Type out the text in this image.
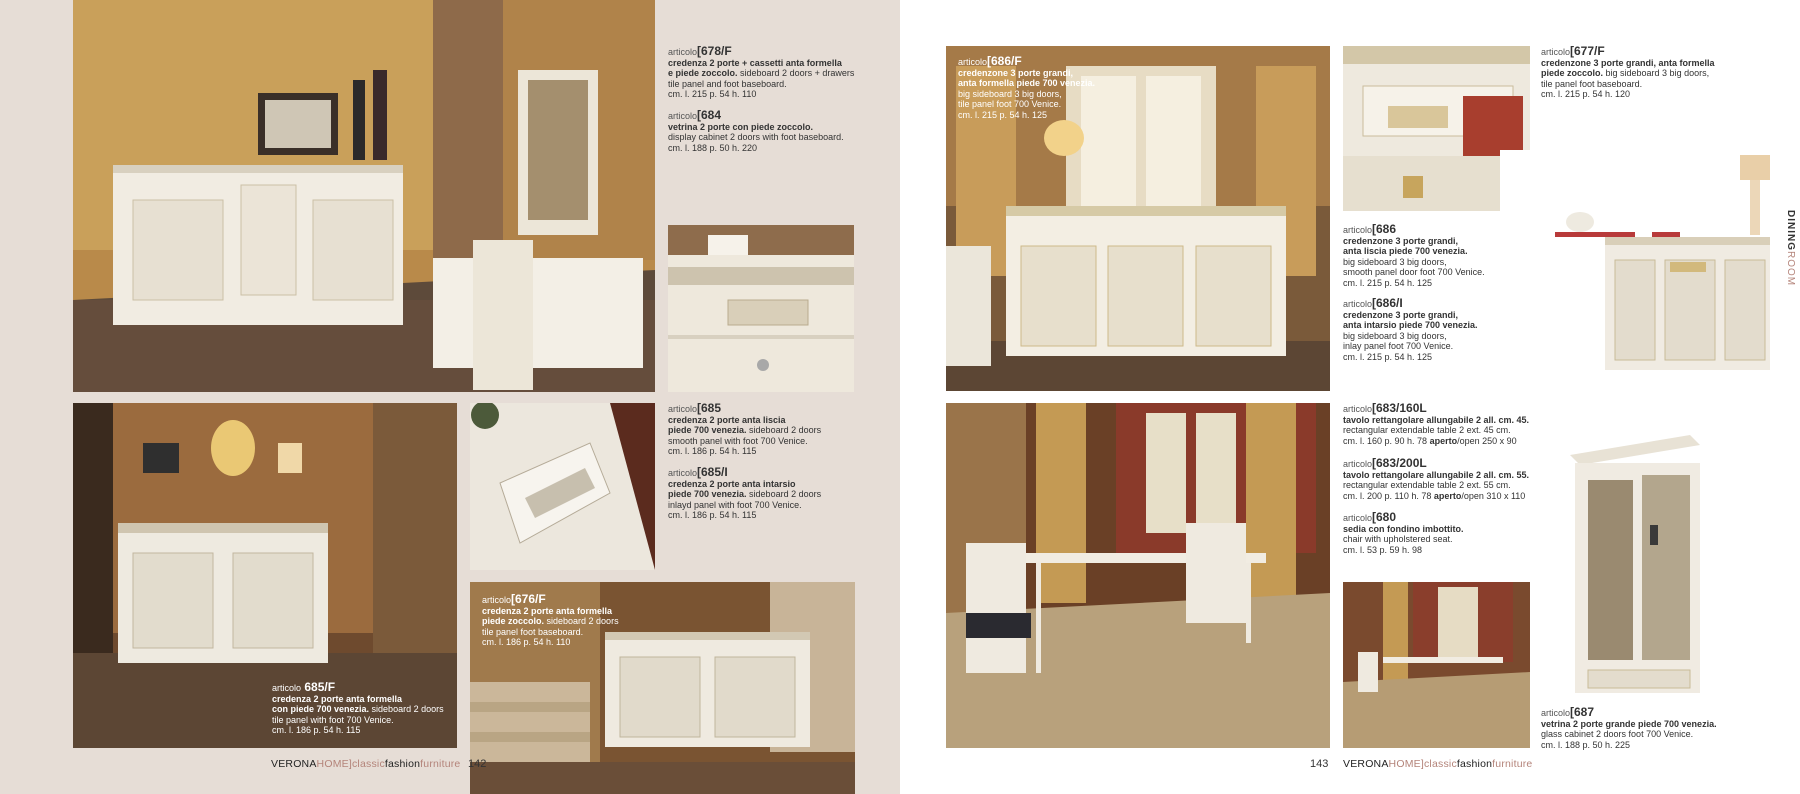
articolo[678/F

credenza 2 porte + cassetti anta formella

e piede zoccolo. sideboard 2 doors + drawers

tile panel and foot baseboard.

cm. l. 215 p. 54 h. 110

articolo[684

vetrina 2 porte con piede zoccolo.

display cabinet 2 doors with foot baseboard.

cm. l. 188 p. 50 h. 220

articolo 685/F

credenza 2 porte anta formella

con piede 700 venezia. sideboard 2 doors

tile panel with foot 700 Venice.

cm. l. 186 p. 54 h. 115

articolo[685

credenza 2 porte anta liscia

piede 700 venezia. sideboard 2 doors

smooth panel with foot 700 Venice.

cm. l. 186 p. 54 h. 115

articolo[685/I

credenza 2 porte anta intarsio

piede 700 venezia. sideboard 2 doors

inlayd panel with foot 700 Venice.

cm. l. 186 p. 54 h. 115

articolo[676/F

credenza 2 porte anta formella

piede zoccolo. sideboard 2 doors

tile panel foot baseboard.

cm. l. 186 p. 54 h. 110

VERONAHOME]classicfashionfurniture 142

articolo[686/F

credenzone 3 porte grandi,

anta formella piede 700 venezia.

big sideboard 3 big doors,

tile panel foot 700 Venice.

cm. l. 215 p. 54 h. 125

articolo[677/F

credenzone 3 porte grandi, anta formella

piede zoccolo. big sideboard 3 big doors,

tile panel foot baseboard.

cm. l. 215 p. 54 h. 120

articolo[686

credenzone 3 porte grandi,

anta liscia piede 700 venezia.

big sideboard 3 big doors,

smooth panel door foot 700 Venice.

cm. l. 215 p. 54 h. 125

articolo[686/I

credenzone 3 porte grandi,

anta intarsio piede 700 venezia.

big sideboard 3 big doors,

inlay panel foot 700 Venice.

cm. l. 215 p. 54 h. 125

DININGROOM

articolo[683/160L

tavolo rettangolare allungabile 2 all. cm. 45.

rectangular extendable table 2 ext. 45 cm.

cm. l. 160 p. 90 h. 78 aperto/open 250 x 90

articolo[683/200L

tavolo rettangolare allungabile 2 all. cm. 55.

rectangular extendable table 2 ext. 55 cm.

cm. l. 200 p. 110 h. 78 aperto/open 310 x 110

articolo[680

sedia con fondino imbottito.

chair with upholstered seat.

cm. l. 53 p. 59 h. 98

articolo[687

vetrina 2 porte grande piede 700 venezia.

glass cabinet 2 doors foot 700 Venice.

cm. l. 188 p. 50 h. 225

143 VERONAHOME]classicfashionfurniture
